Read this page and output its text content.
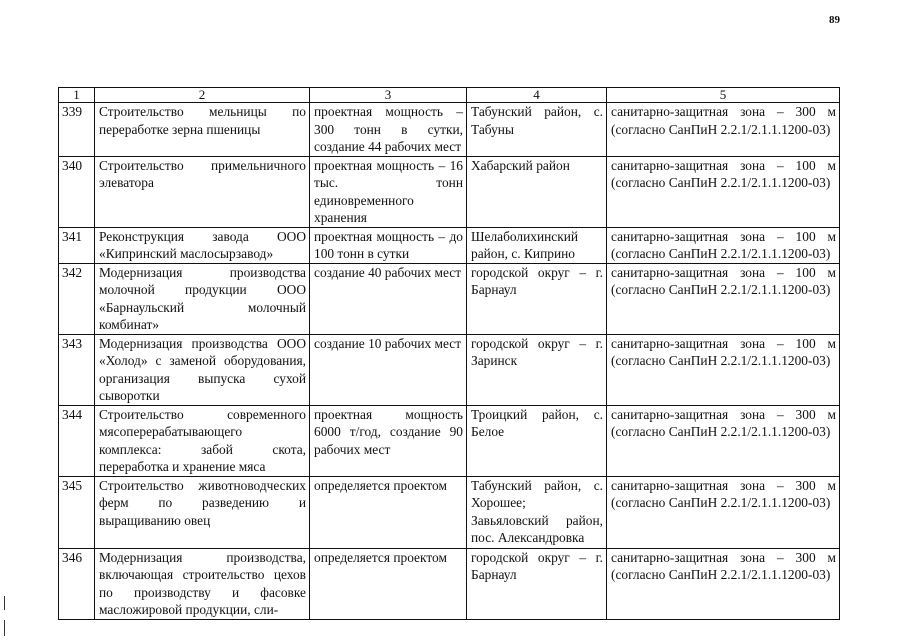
89
1	2	3	4	5
339	Строительство мельницы по переработке зерна пшеницы	проектная мощность – 300 тонн в сутки, создание 44 рабочих мест	Табунский район, с. Табуны	санитарно-защитная зона – 300 м (согласно СанПиН 2.2.1/2.1.1.1200-03)
340	Строительство примельничного элеватора	проектная мощность – 16 тыс. тонн единовременного хранения	Хабарский район	санитарно-защитная зона – 100 м (согласно СанПиН 2.2.1/2.1.1.1200-03)
341	Реконструкция завода ООО «Кипринский маслосырзавод»	проектная мощность – до 100 тонн в сутки	Шелаболихинский район, с. Киприно	санитарно-защитная зона – 100 м (согласно СанПиН 2.2.1/2.1.1.1200-03)
342	Модернизация производства молочной продукции ООО «Барнаульский молочный комбинат»	создание 40 рабочих мест	городской округ – г. Барнаул	санитарно-защитная зона – 100 м (согласно СанПиН 2.2.1/2.1.1.1200-03)
343	Модернизация производства ООО «Холод» с заменой оборудования, организация выпуска сухой сыворотки	создание 10 рабочих мест	городской округ – г. Заринск	санитарно-защитная зона – 100 м (согласно СанПиН 2.2.1/2.1.1.1200-03)
344	Строительство современного мясоперерабатывающего комплекса: забой скота, переработка и хранение мяса	проектная мощность 6000 т/год, создание 90 рабочих мест	Троицкий район, с. Белое	санитарно-защитная зона – 300 м (согласно СанПиН 2.2.1/2.1.1.1200-03)
345	Строительство животноводческих ферм по разведению и выращиванию овец	определяется проектом	Табунский район, с. Хорошее; Завьяловский район, пос. Александровка	санитарно-защитная зона – 300 м (согласно СанПиН 2.2.1/2.1.1.1200-03)
346	Модернизация производства, включающая строительство цехов по производству и фасовке масложировой продукции, сли-	определяется проектом	городской округ – г. Барнаул	санитарно-защитная зона – 300 м (согласно СанПиН 2.2.1/2.1.1.1200-03)
